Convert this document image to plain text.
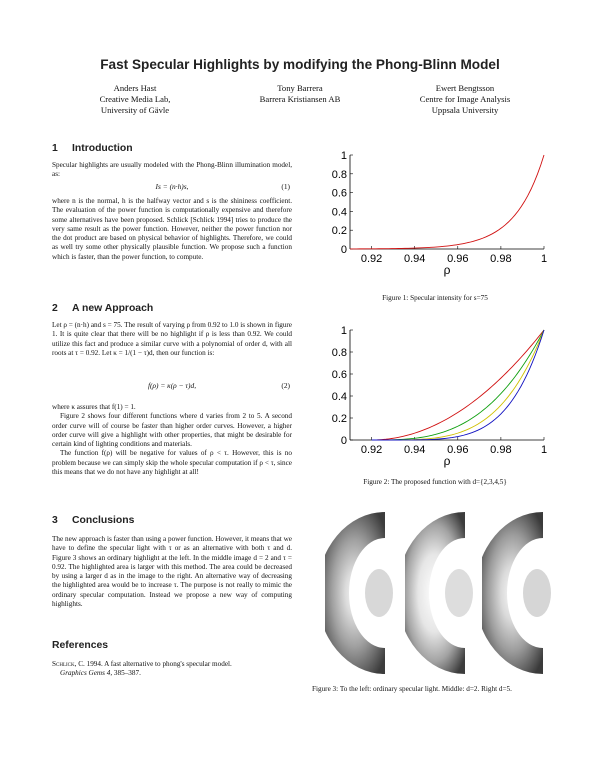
Fast Specular Highlights by modifying the Phong-Blinn Model
Anders Hast
Creative Media Lab,
University of Gävle
Tony Barrera
Barrera Kristiansen AB
Ewert Bengtsson
Centre for Image Analysis
Uppsala University
1 Introduction

Specular highlights are usually modeled with the Phong-Blinn illumination model, as:

Is = (n·h)s,	(1)

where n is the normal, h is the halfway vector and s is the shininess coefficient. The evaluation of the power function is computationally expensive and therefore some alternatives have been proposed. Schlick [Schlick 1994] tries to produce the very same result as the power function. However, neither the power function nor the dot product are based on physical behavior of highlights. Therefore, we could as well try some other physically plausible function. We propose such a function which is faster, than the power function, to compute.

2 A new Approach

Let ρ = (n·h) and s = 75. The result of varying ρ from 0.92 to 1.0 is shown in figure 1. It is quite clear that there will be no highlight if ρ is less than 0.92. We could utilize this fact and produce a similar curve with a polynomial of order d, with all roots at τ = 0.92. Let κ = 1/(1 − τ)d, then our function is:

f(ρ) = κ(ρ − τ)d,	(2)

where κ assures that f(1) = 1.

Figure 2 shows four different functions where d varies from 2 to 5. A second order curve will of course be faster than higher order curves. However, a higher order curve will give a highlight with other properties, that might be desirable for certain kind of lighting conditions and materials.

The function f(ρ) will be negative for values of ρ < τ. However, this is no problem because we can simply skip the whole specular computation if ρ < τ, since this means that we do not have any highlight at all!

3 Conclusions

The new approach is faster than using a power function. However, it means that we have to define the specular light with τ or as an alternative with both τ and d. Figure 3 shows an ordinary highlight at the left. In the middle image d = 2 and τ = 0.92. The highlighted area is larger with this method. The area could be decreased by using a larger d as in the image to the right. An alternative way of decreasing the highlighted area would be to increase τ. The purpose is not really to mimic the ordinary specular computation. Instead we propose a new way of computing highlights.

References
Schlick, C. 1994. A fast alternative to phong's specular model.
Graphics Gems 4, 385–387.
0
0.2
0.4
0.6
0.8
1
0.92 0.94 0.96 0.98	1
ρ
Figure 1: Specular intensity for s=75
0
0.2
0.4
0.6
0.8
1
0.92 0.94 0.96 0.98	1
ρ
Figure 2: The proposed function with d={2,3,4,5}
Figure 3: To the left: ordinary specular light. Middle: d=2. Right d=5.
